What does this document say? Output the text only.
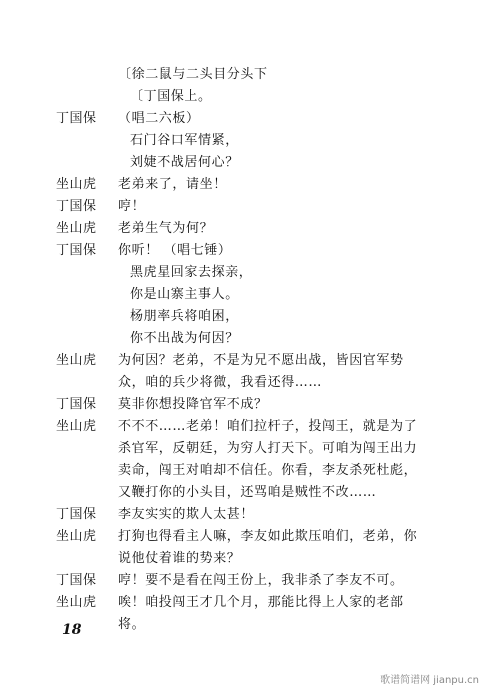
〔徐二鼠与二头目分头下
〔丁国保上。
丁国保 （唱二六板）
石门谷口军情紧，
刘婕不战居何心？
坐山虎 老弟来了，请坐！
丁国保 哼！
坐山虎 老弟生气为何？
丁国保 你听！ （唱七锤）
黑虎星回家去探亲，
你是山寨主事人。
杨朋率兵将咱困，
你不出战为何因？
坐山虎 为何因？老弟，不是为兄不愿出战，皆因官军势
众，咱的兵少将微，我看还得……
丁国保 莫非你想投降官军不成？
坐山虎 不不不……老弟！咱们拉杆子，投闯王，就是为了
杀官军，反朝廷，为穷人打天下。可咱为闯王出力
卖命，闯王对咱却不信任。你看，李友杀死杜彪，
又鞭打你的小头目，还骂咱是贼性不改……
丁国保 李友实实的欺人太甚！
坐山虎 打狗也得看主人嘛，李友如此欺压咱们，老弟，你
说他仗着谁的势来？
丁国保 哼！要不是看在闯王份上，我非杀了李友不可。
坐山虎 唉！咱投闯王才几个月，那能比得上人家的老部
将。
18
歌谱简谱网 jianpu.cn
